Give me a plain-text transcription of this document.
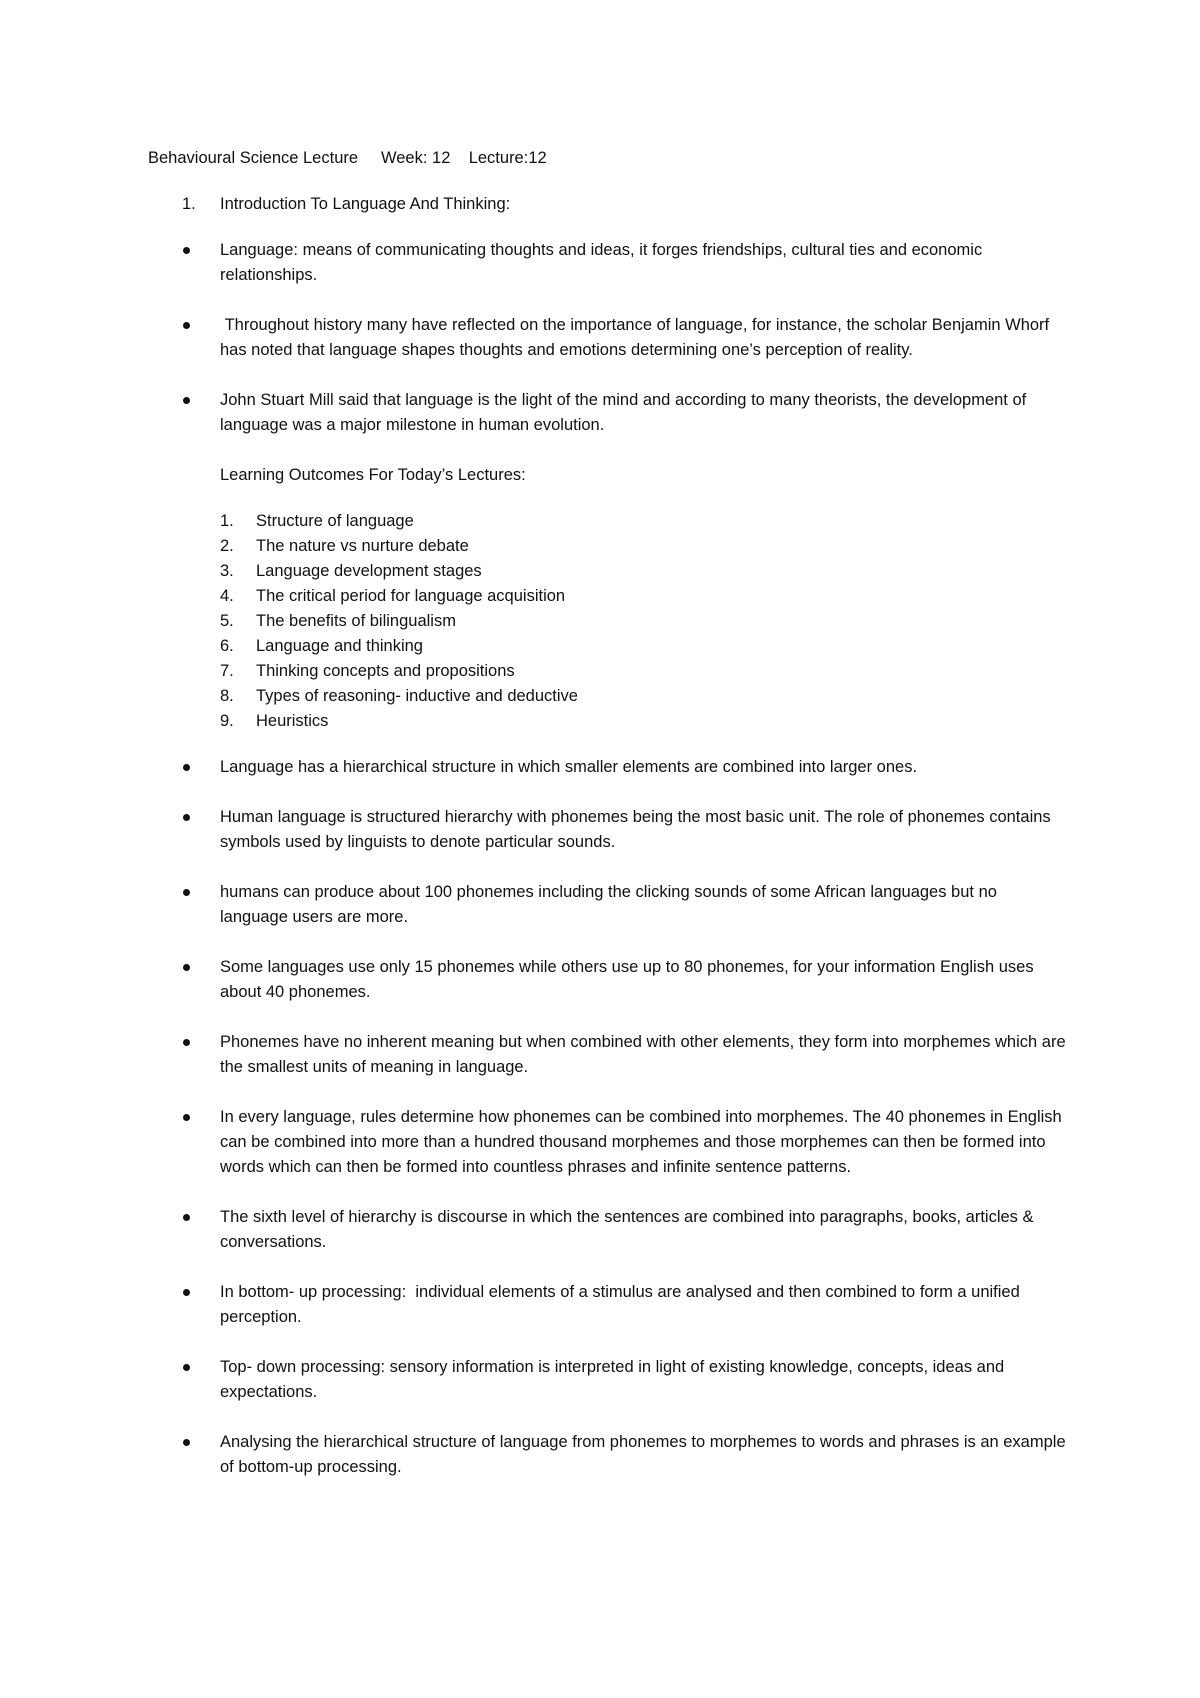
Behavioural Science Lecture     Week: 12    Lecture:12
1. Introduction To Language And Thinking:
Language: means of communicating thoughts and ideas, it forges friendships, cultural ties and economic relationships.
Throughout history many have reflected on the importance of language, for instance, the scholar Benjamin Whorf has noted that language shapes thoughts and emotions determining one’s perception of reality.
John Stuart Mill said that language is the light of the mind and according to many theorists, the development of language was a major milestone in human evolution.
Learning Outcomes For Today’s Lectures:
1. Structure of language
2. The nature vs nurture debate
3. Language development stages
4. The critical period for language acquisition
5. The benefits of bilingualism
6. Language and thinking
7. Thinking concepts and propositions
8. Types of reasoning- inductive and deductive
9. Heuristics
Language has a hierarchical structure in which smaller elements are combined into larger ones.
Human language is structured hierarchy with phonemes being the most basic unit. The role of phonemes contains symbols used by linguists to denote particular sounds.
humans can produce about 100 phonemes including the clicking sounds of some African languages but no language users are more.
Some languages use only 15 phonemes while others use up to 80 phonemes, for your information English uses about 40 phonemes.
Phonemes have no inherent meaning but when combined with other elements, they form into morphemes which are the smallest units of meaning in language.
In every language, rules determine how phonemes can be combined into morphemes. The 40 phonemes in English can be combined into more than a hundred thousand morphemes and those morphemes can then be formed into words which can then be formed into countless phrases and infinite sentence patterns.
The sixth level of hierarchy is discourse in which the sentences are combined into paragraphs, books, articles & conversations.
In bottom- up processing:  individual elements of a stimulus are analysed and then combined to form a unified perception.
Top- down processing: sensory information is interpreted in light of existing knowledge, concepts, ideas and expectations.
Analysing the hierarchical structure of language from phonemes to morphemes to words and phrases is an example of bottom-up processing.
